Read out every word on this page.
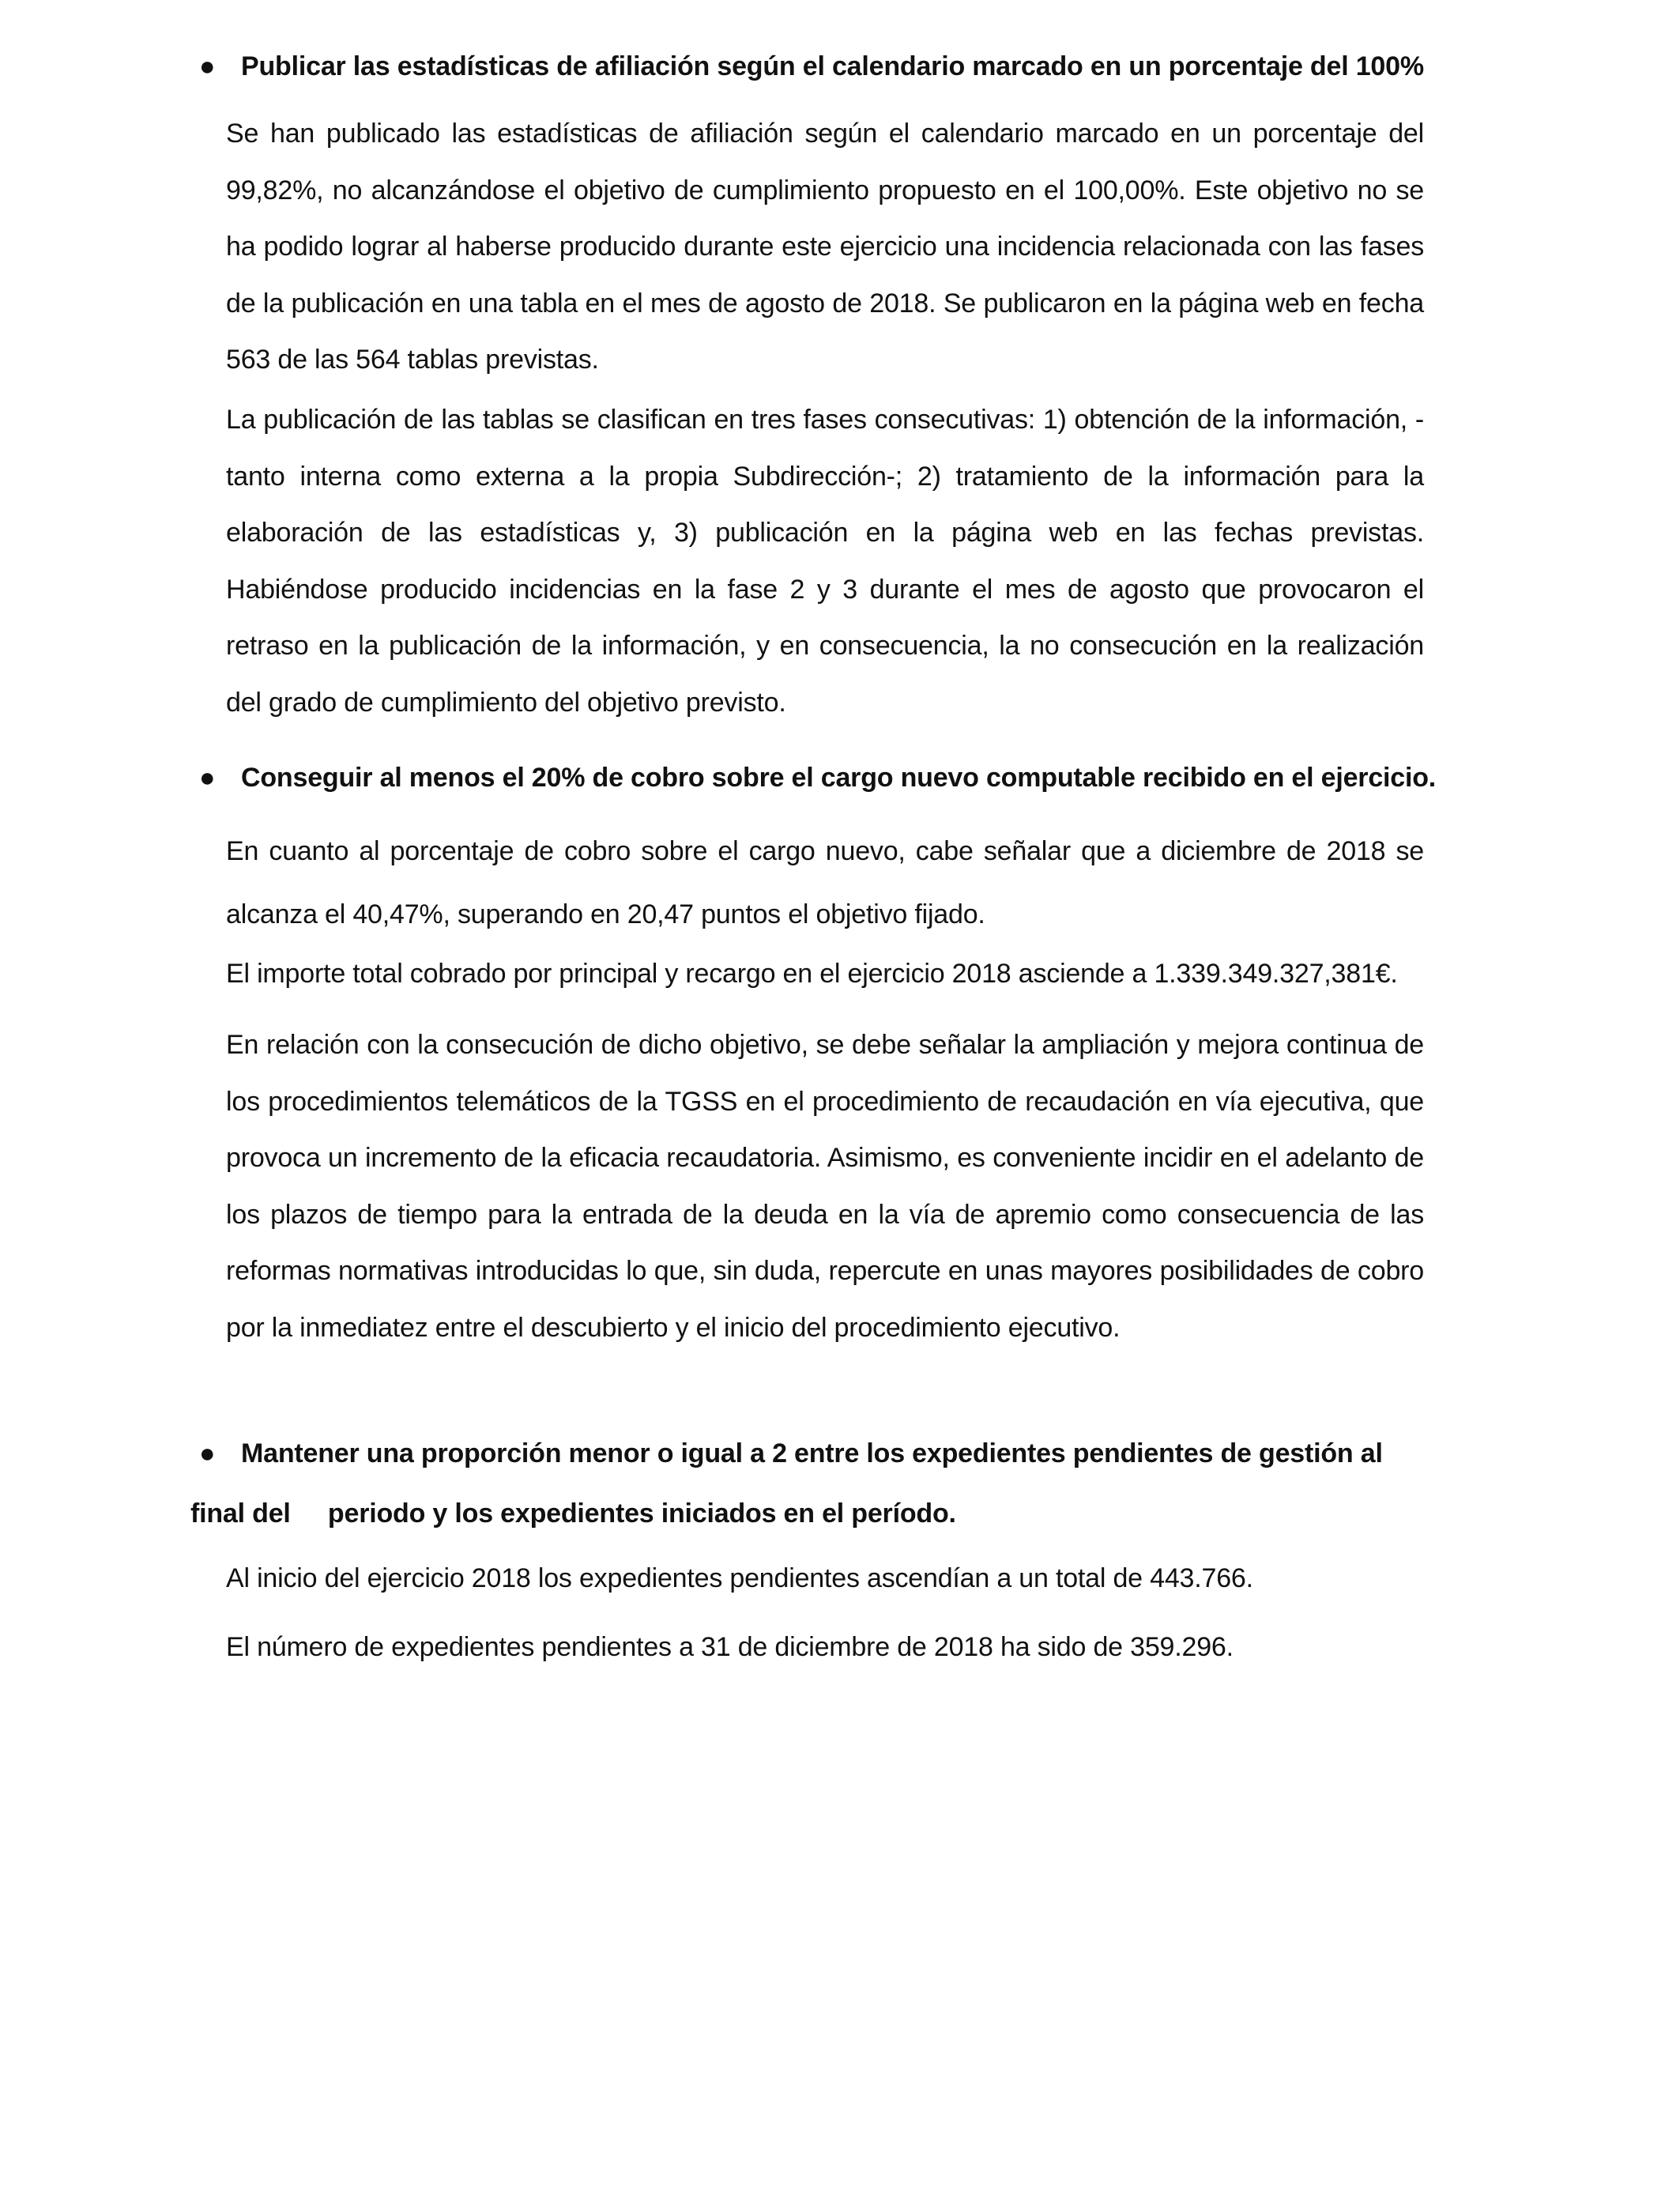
● Publicar las estadísticas de afiliación según el calendario marcado en un porcentaje del 100%

Se han publicado las estadísticas de afiliación según el calendario marcado en un porcentaje del 99,82%, no alcanzándose el objetivo de cumplimiento propuesto en el 100,00%. Este objetivo no se ha podido lograr al haberse producido durante este ejercicio una incidencia relacionada con las fases de la publicación en una tabla en el mes de agosto de 2018. Se publicaron en la página web en fecha 563 de las 564 tablas previstas.

La publicación de las tablas se clasifican en tres fases consecutivas: 1) obtención de la información, -tanto interna como externa a la propia Subdirección-; 2) tratamiento de la información para la elaboración de las estadísticas y, 3) publicación en la página web en las fechas previstas. Habiéndose producido incidencias en la fase 2 y 3 durante el mes de agosto que provocaron el retraso en la publicación de la información, y en consecuencia, la no consecución en la realización del grado de cumplimiento del objetivo previsto.

● Conseguir al menos el 20% de cobro sobre el cargo nuevo computable recibido en el ejercicio.

En cuanto al porcentaje de cobro sobre el cargo nuevo, cabe señalar que a diciembre de 2018 se alcanza el 40,47%, superando en 20,47 puntos el objetivo fijado.

El importe total cobrado por principal y recargo en el ejercicio 2018 asciende a 1.339.349.327,381€.

En relación con la consecución de dicho objetivo, se debe señalar la ampliación y mejora continua de los procedimientos telemáticos de la TGSS en el procedimiento de recaudación en vía ejecutiva, que provoca un incremento de la eficacia recaudatoria. Asimismo, es conveniente incidir en el adelanto de los plazos de tiempo para la entrada de la deuda en la vía de apremio como consecuencia de las reformas normativas introducidas lo que, sin duda, repercute en unas mayores posibilidades de cobro por la inmediatez entre el descubierto y el inicio del procedimiento ejecutivo.

● Mantener una proporción menor o igual a 2 entre los expedientes pendientes de gestión al
final del periodo y los expedientes iniciados en el período.

Al inicio del ejercicio 2018 los expedientes pendientes ascendían a un total de 443.766.

El número de expedientes pendientes a 31 de diciembre de 2018 ha sido de 359.296.
